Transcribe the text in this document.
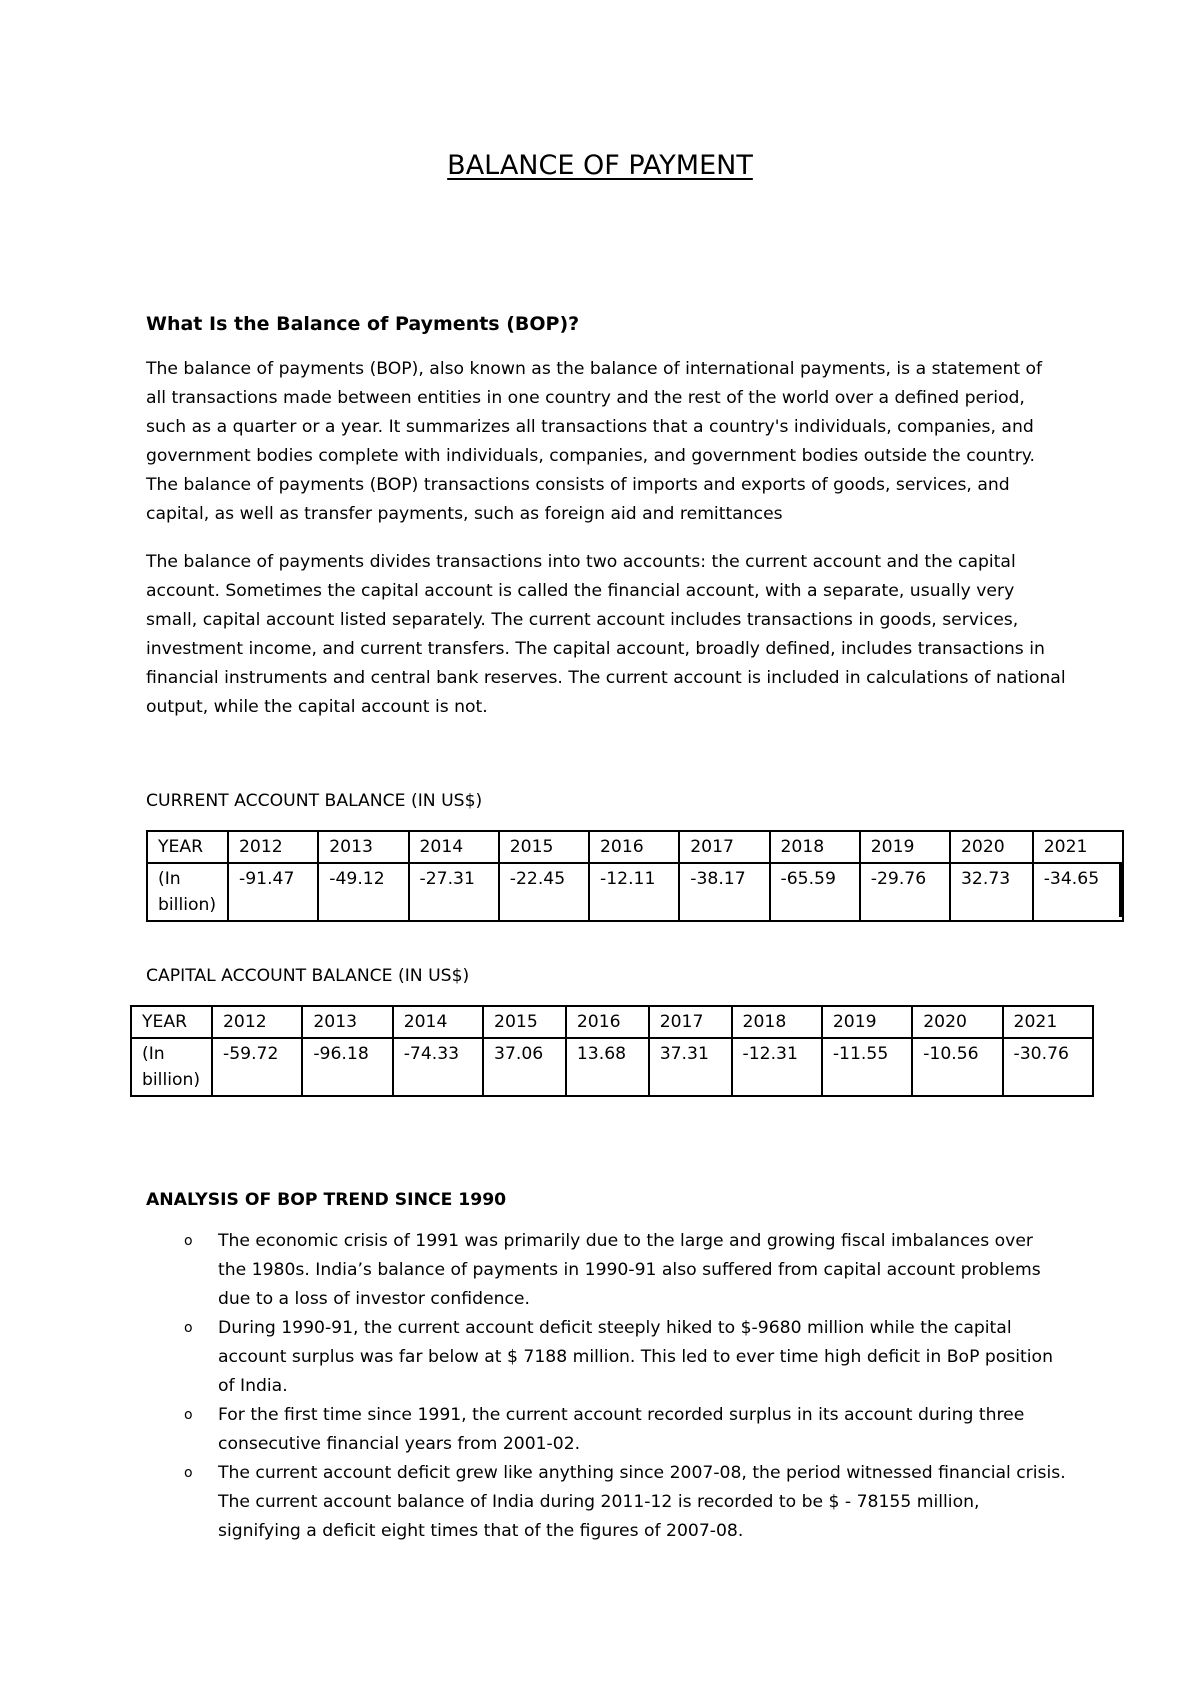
BALANCE OF PAYMENT
What Is the Balance of Payments (BOP)?

The balance of payments (BOP), also known as the balance of international payments, is a statement of all transactions made between entities in one country and the rest of the world over a defined period, such as a quarter or a year. It summarizes all transactions that a country's individuals, companies, and government bodies complete with individuals, companies, and government bodies outside the country. The balance of payments (BOP) transactions consists of imports and exports of goods, services, and capital, as well as transfer payments, such as foreign aid and remittances

The balance of payments divides transactions into two accounts: the current account and the capital account. Sometimes the capital account is called the financial account, with a separate, usually very small, capital account listed separately. The current account includes transactions in goods, services, investment income, and current transfers. The capital account, broadly defined, includes transactions in financial instruments and central bank reserves. The current account is included in calculations of national output, while the capital account is not.

CURRENT ACCOUNT BALANCE (IN US$)

YEAR	2012	2013	2014	2015	2016	2017	2018	2019	2020	2021
(In billion)	-91.47	-49.12	-27.31	-22.45	-12.11	-38.17	-65.59	-29.76	32.73	-34.65

CAPITAL ACCOUNT BALANCE (IN US$)

YEAR	2012	2013	2014	2015	2016	2017	2018	2019	2020	2021
(In billion)	-59.72	-96.18	-74.33	37.06	13.68	37.31	-12.31	-11.55	-10.56	-30.76
ANALYSIS OF BOP TREND SINCE 1990
o The economic crisis of 1991 was primarily due to the large and growing fiscal imbalances over the 1980s. India’s balance of payments in 1990-91 also suffered from capital account problems due to a loss of investor confidence.
o During 1990-91, the current account deficit steeply hiked to $-9680 million while the capital account surplus was far below at $ 7188 million. This led to ever time high deficit in BoP position of India.
o For the first time since 1991, the current account recorded surplus in its account during three consecutive financial years from 2001-02.
o The current account deficit grew like anything since 2007-08, the period witnessed financial crisis. The current account balance of India during 2011-12 is recorded to be $ - 78155 million, signifying a deficit eight times that of the figures of 2007-08.
